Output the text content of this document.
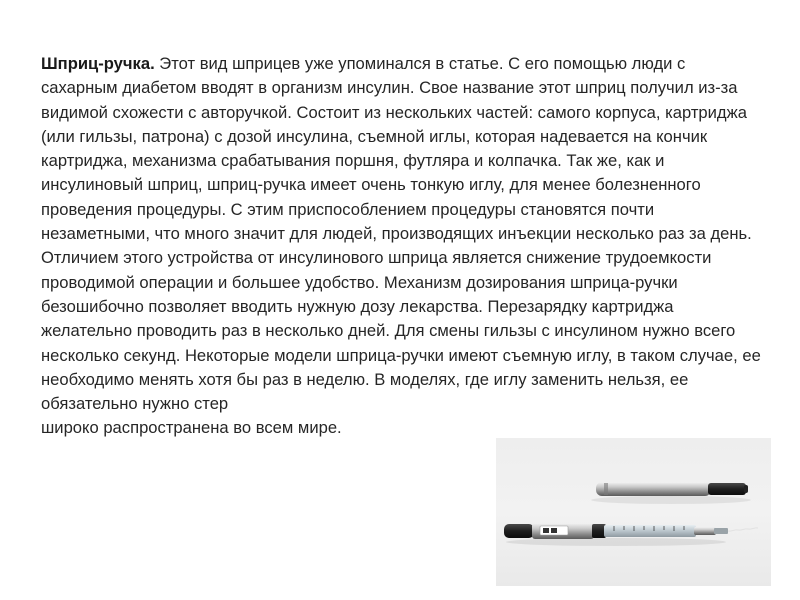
Шприц-ручка. Этот вид шприцев уже упоминался в статье. С его помощью люди с сахарным диабетом вводят в организм инсулин. Свое название этот шприц получил из-за видимой схожести с авторучкой. Состоит из нескольких частей: самого корпуса, картриджа (или гильзы, патрона) с дозой инсулина, съемной иглы, которая надевается на кончик картриджа, механизма срабатывания поршня, футляра и колпачка. Так же, как и инсулиновый шприц, шприц-ручка имеет очень тонкую иглу, для менее болезненного проведения процедуры. С этим приспособлением процедуры становятся почти незаметными, что много значит для людей, производящих инъекции несколько раз за день. Отличием этого устройства от инсулинового шприца является снижение трудоемкости проводимой операции и большее удобство. Механизм дозирования шприца-ручки безошибочно позволяет вводить нужную дозу лекарства. Перезарядку картриджа желательно проводить раз в несколько дней. Для смены гильзы с инсулином нужно всего несколько секунд. Некоторые модели шприца-ручки имеют съемную иглу, в таком случае, ее необходимо менять хотя бы раз в неделю. В моделях, где иглу заменить нельзя, ее обязательно нужно стер
широко распространена во всем мире.
